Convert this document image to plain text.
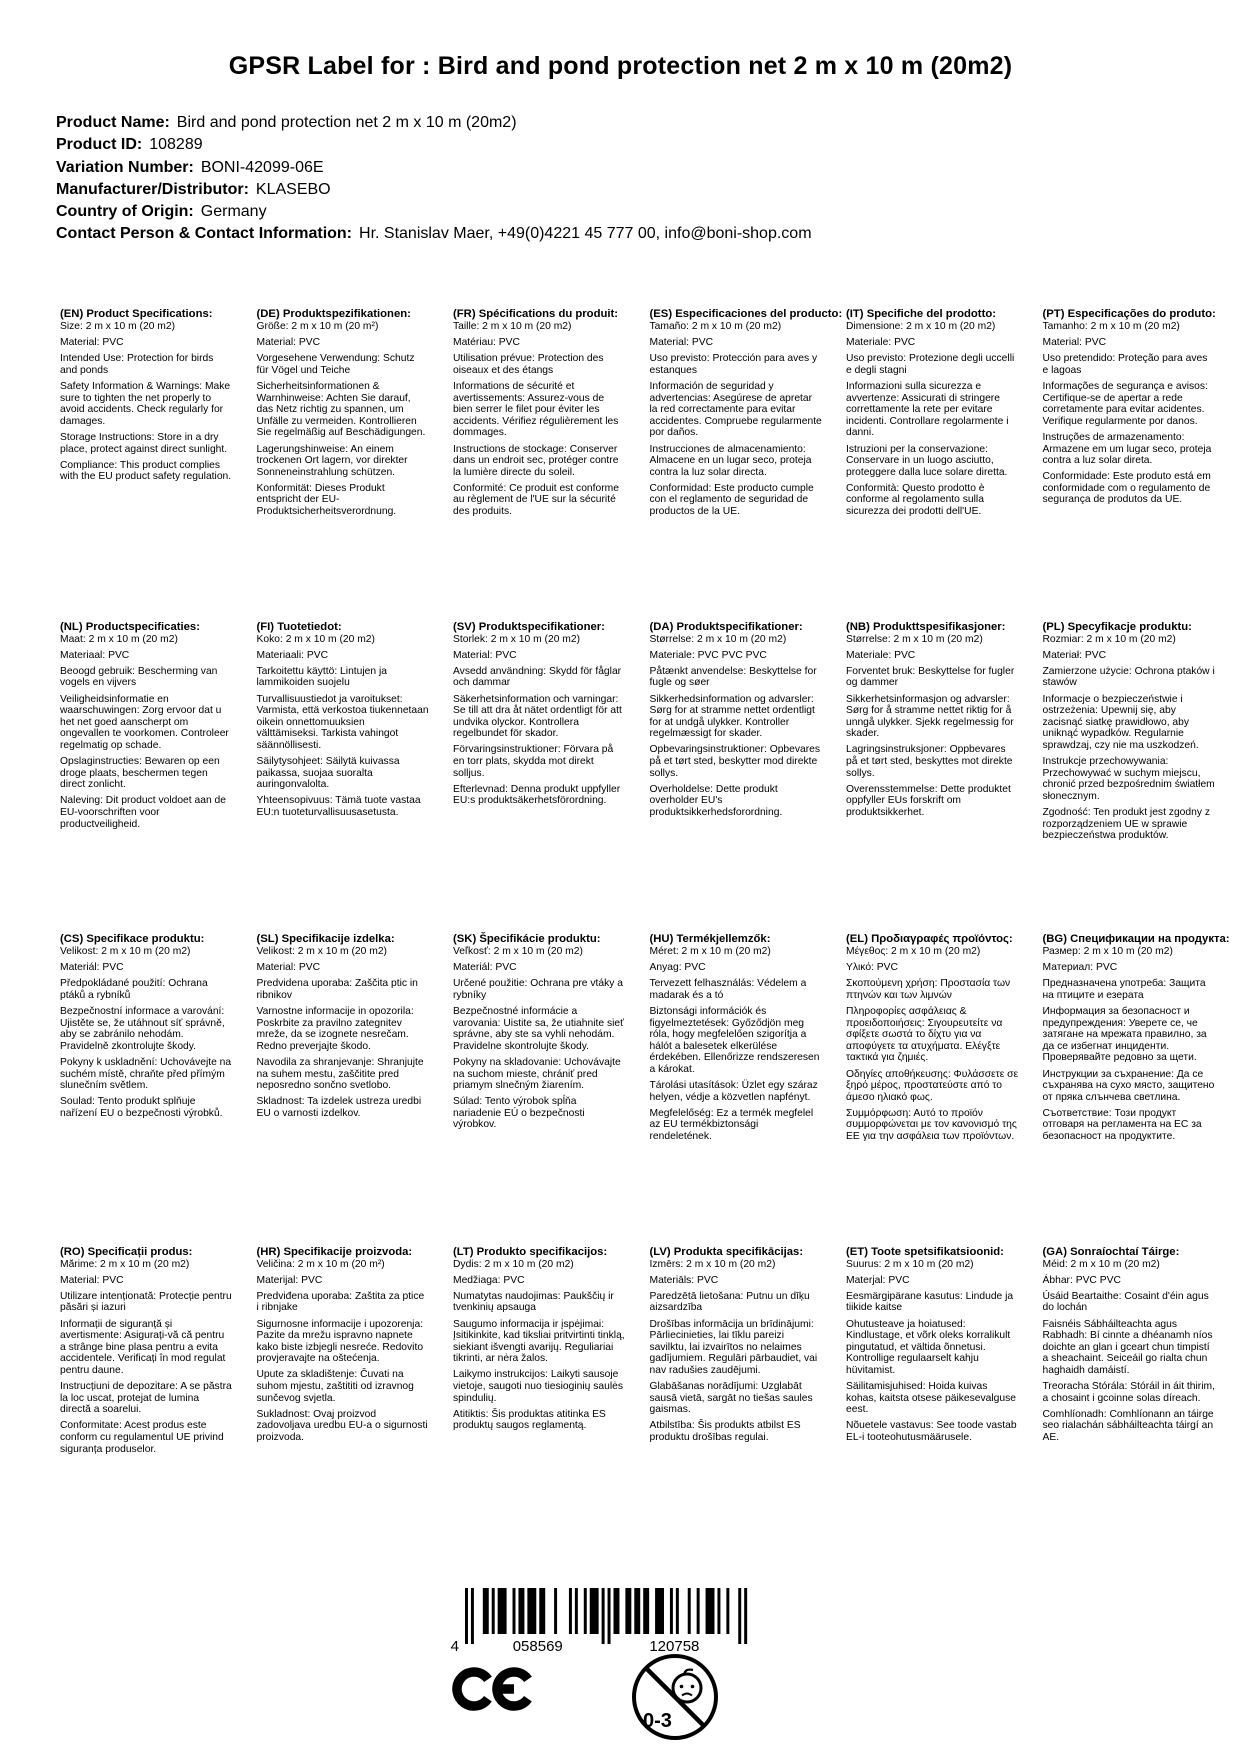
GPSR Label for : Bird and pond protection net 2 m x 10 m (20m2)
Product Name: Bird and pond protection net 2 m x 10 m (20m2)
Product ID: 108289
Variation Number: BONI-42099-06E
Manufacturer/Distributor: KLASEBO
Country of Origin: Germany
Contact Person & Contact Information: Hr. Stanislav Maer, +49(0)4221 45 777 00, info@boni-shop.com
(EN) Product Specifications:

Size: 2 m x 10 m (20 m2)

Material: PVC

Intended Use: Protection for birds and ponds

Safety Information & Warnings: Make sure to tighten the net properly to avoid accidents. Check regularly for damages.

Storage Instructions: Store in a dry place, protect against direct sunlight.

Compliance: This product complies with the EU product safety regulation.

(DE) Produktspezifikationen:

Größe: 2 m x 10 m (20 m²)

Material: PVC

Vorgesehene Verwendung: Schutz für Vögel und Teiche

Sicherheitsinformationen & Warnhinweise: Achten Sie darauf, das Netz richtig zu spannen, um Unfälle zu vermeiden. Kontrollieren Sie regelmäßig auf Beschädigungen.

Lagerungshinweise: An einem trockenen Ort lagern, vor direkter Sonneneinstrahlung schützen.

Konformität: Dieses Produkt entspricht der EU-Produktsicherheitsverordnung.

(FR) Spécifications du produit:

Taille: 2 m x 10 m (20 m2)

Matériau: PVC

Utilisation prévue: Protection des oiseaux et des étangs

Informations de sécurité et avertissements: Assurez-vous de bien serrer le filet pour éviter les accidents. Vérifiez régulièrement les dommages.

Instructions de stockage: Conserver dans un endroit sec, protéger contre la lumière directe du soleil.

Conformité: Ce produit est conforme au règlement de l'UE sur la sécurité des produits.

(ES) Especificaciones del producto:

Tamaño: 2 m x 10 m (20 m2)

Material: PVC

Uso previsto: Protección para aves y estanques

Información de seguridad y advertencias: Asegúrese de apretar la red correctamente para evitar accidentes. Compruebe regularmente por daños.

Instrucciones de almacenamiento: Almacene en un lugar seco, proteja contra la luz solar directa.

Conformidad: Este producto cumple con el reglamento de seguridad de productos de la UE.

(IT) Specifiche del prodotto:

Dimensione: 2 m x 10 m (20 m2)

Materiale: PVC

Uso previsto: Protezione degli uccelli e degli stagni

Informazioni sulla sicurezza e avvertenze: Assicurati di stringere correttamente la rete per evitare incidenti. Controllare regolarmente i danni.

Istruzioni per la conservazione: Conservare in un luogo asciutto, proteggere dalla luce solare diretta.

Conformità: Questo prodotto è conforme al regolamento sulla sicurezza dei prodotti dell'UE.

(PT) Especificações do produto:

Tamanho: 2 m x 10 m (20 m2)

Material: PVC

Uso pretendido: Proteção para aves e lagoas

Informações de segurança e avisos: Certifique-se de apertar a rede corretamente para evitar acidentes. Verifique regularmente por danos.

Instruções de armazenamento: Armazene em um lugar seco, proteja contra a luz solar direta.

Conformidade: Este produto está em conformidade com o regulamento de segurança de produtos da UE.

(NL) Productspecificaties:

Maat: 2 m x 10 m (20 m2)

Materiaal: PVC

Beoogd gebruik: Bescherming van vogels en vijvers

Veiligheidsinformatie en waarschuwingen: Zorg ervoor dat u het net goed aanscherpt om ongevallen te voorkomen. Controleer regelmatig op schade.

Opslaginstructies: Bewaren op een droge plaats, beschermen tegen direct zonlicht.

Naleving: Dit product voldoet aan de EU-voorschriften voor productveiligheid.

(FI) Tuotetiedot:

Koko: 2 m x 10 m (20 m2)

Materiaali: PVC

Tarkoitettu käyttö: Lintujen ja lammikoiden suojelu

Turvallisuustiedot ja varoitukset: Varmista, että verkostoa tiukennetaan oikein onnettomuuksien välttämiseksi. Tarkista vahingot säännöllisesti.

Säilytysohjeet: Säilytä kuivassa paikassa, suojaa suoralta auringonvalolta.

Yhteensopivuus: Tämä tuote vastaa EU:n tuoteturvallisuusasetusta.

(SV) Produktspecifikationer:

Storlek: 2 m x 10 m (20 m2)

Material: PVC

Avsedd användning: Skydd för fåglar och dammar

Säkerhetsinformation och varningar: Se till att dra åt nätet ordentligt för att undvika olyckor. Kontrollera regelbundet för skador.

Förvaringsinstruktioner: Förvara på en torr plats, skydda mot direkt solljus.

Efterlevnad: Denna produkt uppfyller EU:s produktsäkerhetsförordning.

(DA) Produktspecifikationer:

Størrelse: 2 m x 10 m (20 m2)

Materiale: PVC PVC PVC

Påtænkt anvendelse: Beskyttelse for fugle og søer

Sikkerhedsinformation og advarsler: Sørg for at stramme nettet ordentligt for at undgå ulykker. Kontroller regelmæssigt for skader.

Opbevaringsinstruktioner: Opbevares på et tørt sted, beskytter mod direkte sollys.

Overholdelse: Dette produkt overholder EU's produktsikkerhedsforordning.

(NB) Produkttspesifikasjoner:

Størrelse: 2 m x 10 m (20 m2)

Materiale: PVC

Forventet bruk: Beskyttelse for fugler og dammer

Sikkerhetsinformasjon og advarsler: Sørg for å stramme nettet riktig for å unngå ulykker. Sjekk regelmessig for skader.

Lagringsinstruksjoner: Oppbevares på et tørt sted, beskyttes mot direkte sollys.

Overensstemmelse: Dette produktet oppfyller EUs forskrift om produktsikkerhet.

(PL) Specyfikacje produktu:

Rozmiar: 2 m x 10 m (20 m2)

Materiał: PVC

Zamierzone użycie: Ochrona ptaków i stawów

Informacje o bezpieczeństwie i ostrzeżenia: Upewnij się, aby zacisnąć siatkę prawidłowo, aby uniknąć wypadków. Regularnie sprawdzaj, czy nie ma uszkodzeń.

Instrukcje przechowywania: Przechowywać w suchym miejscu, chronić przed bezpośrednim światłem słonecznym.

Zgodność: Ten produkt jest zgodny z rozporządzeniem UE w sprawie bezpieczeństwa produktów.

(CS) Specifikace produktu:

Velikost: 2 m x 10 m (20 m2)

Materiál: PVC

Předpokládané použití: Ochrana ptáků a rybníků

Bezpečnostní informace a varování: Ujistěte se, že utáhnout síť správně, aby se zabránilo nehodám. Pravidelně zkontrolujte škody.

Pokyny k uskladnění: Uchovávejte na suchém místě, chraňte před přímým slunečním světlem.

Soulad: Tento produkt splňuje nařízení EU o bezpečnosti výrobků.

(SL) Specifikacije izdelka:

Velikost: 2 m x 10 m (20 m2)

Material: PVC

Predvidena uporaba: Zaščita ptic in ribnikov

Varnostne informacije in opozorila: Poskrbite za pravilno zategnitev mreže, da se izognete nesrečam. Redno preverjajte škodo.

Navodila za shranjevanje: Shranjujte na suhem mestu, zaščitite pred neposredno sončno svetlobo.

Skladnost: Ta izdelek ustreza uredbi EU o varnosti izdelkov.

(SK) Špecifikácie produktu:

Veľkosť: 2 m x 10 m (20 m2)

Materiál: PVC

Určené použitie: Ochrana pre vtáky a rybníky

Bezpečnostné informácie a varovania: Uistite sa, že utiahnite sieť správne, aby ste sa vyhli nehodám. Pravidelne skontrolujte škody.

Pokyny na skladovanie: Uchovávajte na suchom mieste, chrániť pred priamym slnečným žiarením.

Súlad: Tento výrobok spĺňa nariadenie EÚ o bezpečnosti výrobkov.

(HU) Termékjellemzők:

Méret: 2 m x 10 m (20 m2)

Anyag: PVC

Tervezett felhasználás: Védelem a madarak és a tó

Biztonsági információk és figyelmeztetések: Győződjön meg róla, hogy megfelelően szigorítja a hálót a balesetek elkerülése érdekében. Ellenőrizze rendszeresen a károkat.

Tárolási utasítások: Üzlet egy száraz helyen, védje a közvetlen napfényt.

Megfelelőség: Ez a termék megfelel az EU termékbiztonsági rendeletének.

(EL) Προδιαγραφές προϊόντος:

Μέγεθος: 2 m x 10 m (20 m2)

Υλικό: PVC

Σκοπούμενη χρήση: Προστασία των πτηνών και των λιμνών

Πληροφορίες ασφάλειας & προειδοποιήσεις: Σιγουρευτείτε να σφίξετε σωστά το δίχτυ για να αποφύγετε τα ατυχήματα. Ελέγξτε τακτικά για ζημιές.

Οδηγίες αποθήκευσης: Φυλάσσετε σε ξηρό μέρος, προστατεύστε από το άμεσο ηλιακό φως.

Συμμόρφωση: Αυτό το προϊόν συμμορφώνεται με τον κανονισμό της ΕΕ για την ασφάλεια των προϊόντων.

(BG) Спецификации на продукта:

Размер: 2 m x 10 m (20 m2)

Материал: PVC

Предназначена употреба: Защита на птиците и езерата

Информация за безопасност и предупреждения: Уверете се, че затягане на мрежата правилно, за да се избегнат инциденти. Проверявайте редовно за щети.

Инструкции за съхранение: Да се съхранява на сухо място, защитено от пряка слънчева светлина.

Съответствие: Този продукт отговаря на регламента на ЕС за безопасност на продуктите.

(RO) Specificații produs:

Mărime: 2 m x 10 m (20 m2)

Material: PVC

Utilizare intenționată: Protecție pentru păsări și iazuri

Informații de siguranță și avertismente: Asigurați-vă că pentru a strânge bine plasa pentru a evita accidentele. Verificați în mod regulat pentru daune.

Instrucțiuni de depozitare: A se păstra la loc uscat, protejat de lumina directă a soarelui.

Conformitate: Acest produs este conform cu regulamentul UE privind siguranța produselor.

(HR) Specifikacije proizvoda:

Veličina: 2 m x 10 m (20 m²)

Materijal: PVC

Predviđena uporaba: Zaštita za ptice i ribnjake

Sigurnosne informacije i upozorenja: Pazite da mrežu ispravno napnete kako biste izbjegli nesreće. Redovito provjeravajte na oštećenja.

Upute za skladištenje: Čuvati na suhom mjestu, zaštititi od izravnog sunčevog svjetla.

Sukladnost: Ovaj proizvod zadovoljava uredbu EU-a o sigurnosti proizvoda.

(LT) Produkto specifikacijos:

Dydis: 2 m x 10 m (20 m2)

Medžiaga: PVC

Numatytas naudojimas: Paukščių ir tvenkinių apsauga

Saugumo informacija ir įspėjimai: Įsitikinkite, kad tiksliai pritvirtinti tinklą, siekiant išvengti avarijų. Reguliariai tikrinti, ar nėra žalos.

Laikymo instrukcijos: Laikyti sausoje vietoje, saugoti nuo tiesioginių saulės spindulių.

Atitiktis: Šis produktas atitinka ES produktų saugos reglamentą.

(LV) Produkta specifikācijas:

Izmērs: 2 m x 10 m (20 m2)

Materiāls: PVC

Paredzētā lietošana: Putnu un dīķu aizsardzība

Drošības informācija un brīdinājumi: Pārliecinieties, lai tīklu pareizi savilktu, lai izvairītos no nelaimes gadījumiem. Regulāri pārbaudiet, vai nav radušies zaudējumi.

Glabāšanas norādījumi: Uzglabāt sausā vietā, sargāt no tiešas saules gaismas.

Atbilstība: Šis produkts atbilst ES produktu drošības regulai.

(ET) Toote spetsifikatsioonid:

Suurus: 2 m x 10 m (20 m2)

Materjal: PVC

Eesmärgipärane kasutus: Lindude ja tiikide kaitse

Ohutusteave ja hoiatused: Kindlustage, et võrk oleks korralikult pingutatud, et vältida õnnetusi. Kontrollige regulaarselt kahju hüvitamist.

Säilitamisjuhised: Hoida kuivas kohas, kaitsta otsese päikesevalguse eest.

Nõuetele vastavus: See toode vastab EL-i tooteohutusmäärusele.

(GA) Sonraíochtaí Táirge:

Méid: 2 m x 10 m (20 m2)

Ábhar: PVC PVC

Úsáid Beartaithe: Cosaint d'éin agus do lochán

Faisnéis Sábháilteachta agus Rabhadh: Bí cinnte a dhéanamh níos doichte an glan i gceart chun timpistí a sheachaint. Seiceáil go rialta chun haghaidh damáistí.

Treoracha Stórála: Stóráil in áit thirim, a chosaint i gcoinne solas díreach.

Comhlíonadh: Comhlíonann an táirge seo rialachán sábháilteachta táirgí an AE.

4	058569	120758
0-3
